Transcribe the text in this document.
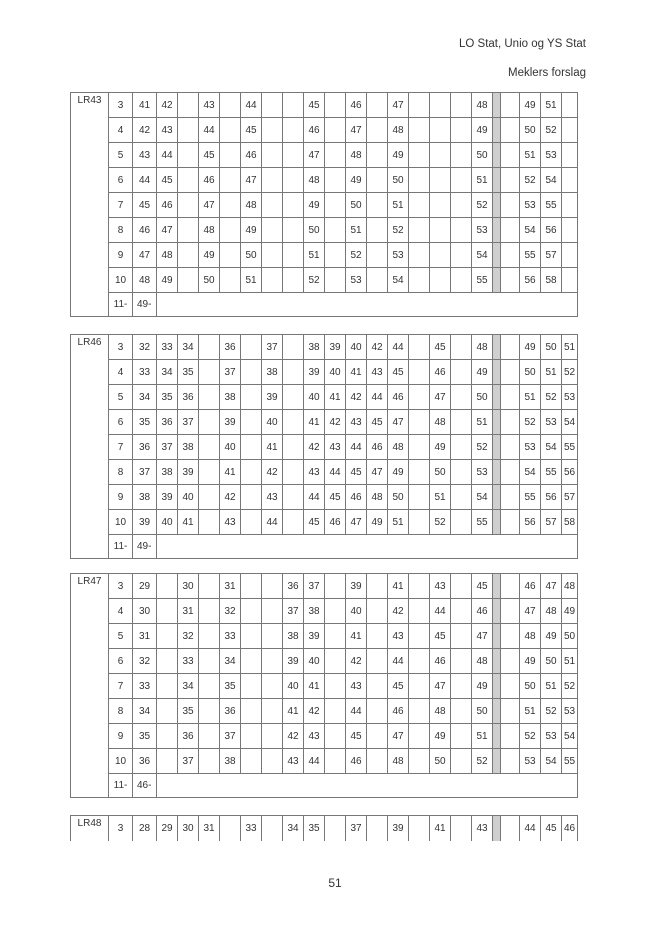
LO Stat, Unio og YS Stat
Meklers forslag
LR43	3	41	42		43		44			45		46		47				48			49	51	
	4	42	43		44		45			46		47		48				49			50	52	
	5	43	44		45		46			47		48		49				50			51	53	
	6	44	45		46		47			48		49		50				51			52	54	
	7	45	46		47		48			49		50		51				52			53	55	
	8	46	47		48		49			50		51		52				53			54	56	
	9	47	48		49		50			51		52		53				54			55	57	
	10	48	49		50		51			52		53		54				55			56	58	
	11-	49-																					
LR46	3	32	33	34		36		37		38	39	40	42	44		45		48			49	50	51
	4	33	34	35		37		38		39	40	41	43	45		46		49			50	51	52
	5	34	35	36		38		39		40	41	42	44	46		47		50			51	52	53
	6	35	36	37		39		40		41	42	43	45	47		48		51			52	53	54
	7	36	37	38		40		41		42	43	44	46	48		49		52			53	54	55
	8	37	38	39		41		42		43	44	45	47	49		50		53			54	55	56
	9	38	39	40		42		43		44	45	46	48	50		51		54			55	56	57
	10	39	40	41		43		44		45	46	47	49	51		52		55			56	57	58
	11-	49-																					
LR47	3	29		30		31			36	37		39		41		43		45			46	47	48
	4	30		31		32			37	38		40		42		44		46			47	48	49
	5	31		32		33			38	39		41		43		45		47			48	49	50
	6	32		33		34			39	40		42		44		46		48			49	50	51
	7	33		34		35			40	41		43		45		47		49			50	51	52
	8	34		35		36			41	42		44		46		48		50			51	52	53
	9	35		36		37			42	43		45		47		49		51			52	53	54
	10	36		37		38			43	44		46		48		50		52			53	54	55
	11-	46-																					
LR48	3	28	29	30	31		33		34	35		37		39		41		43			44	45	46
51
